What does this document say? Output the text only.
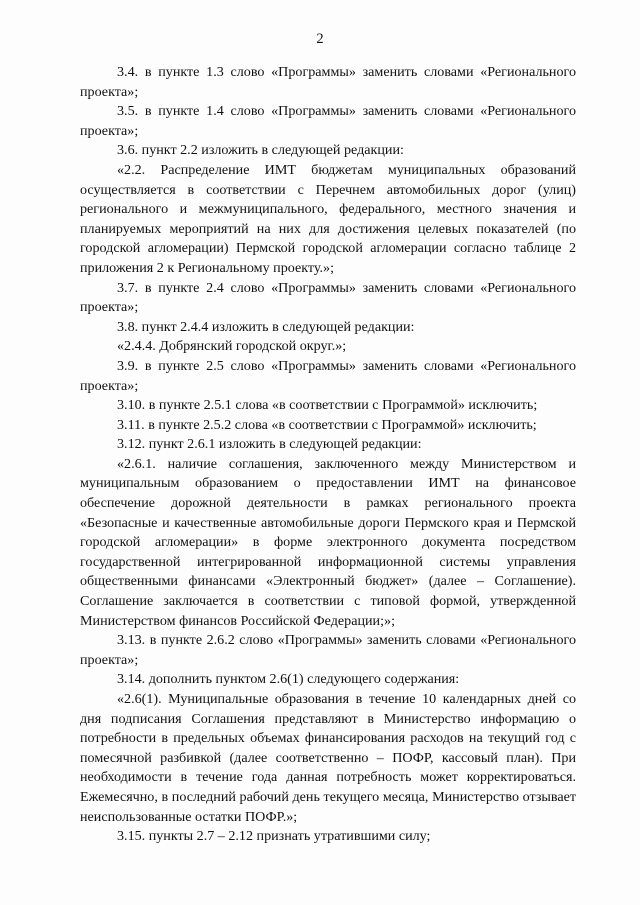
2

3.4. в пункте 1.3 слово «Программы» заменить словами «Регионального проекта»;

3.5. в пункте 1.4 слово «Программы» заменить словами «Регионального проекта»;

3.6. пункт 2.2 изложить в следующей редакции:

«2.2. Распределение ИМТ бюджетам муниципальных образований осуществляется в соответствии с Перечнем автомобильных дорог (улиц) регионального и межмуниципального, федерального, местного значения и планируемых мероприятий на них для достижения целевых показателей (по городской агломерации) Пермской городской агломерации согласно таблице 2 приложения 2 к Региональному проекту.»;

3.7. в пункте 2.4 слово «Программы» заменить словами «Регионального проекта»;

3.8. пункт 2.4.4 изложить в следующей редакции:

«2.4.4. Добрянский городской округ.»;

3.9. в пункте 2.5 слово «Программы» заменить словами «Регионального проекта»;

3.10. в пункте 2.5.1 слова «в соответствии с Программой» исключить;

3.11. в пункте 2.5.2 слова «в соответствии с Программой» исключить;

3.12. пункт 2.6.1 изложить в следующей редакции:

«2.6.1. наличие соглашения, заключенного между Министерством и муниципальным образованием о предоставлении ИМТ на финансовое обеспечение дорожной деятельности в рамках регионального проекта «Безопасные и качественные автомобильные дороги Пермского края и Пермской городской агломерации» в форме электронного документа посредством государственной интегрированной информационной системы управления общественными финансами «Электронный бюджет» (далее – Соглашение). Соглашение заключается в соответствии с типовой формой, утвержденной Министерством финансов Российской Федерации;»;

3.13. в пункте 2.6.2 слово «Программы» заменить словами «Регионального проекта»;

3.14. дополнить пунктом 2.6(1) следующего содержания:

«2.6(1). Муниципальные образования в течение 10 календарных дней со дня подписания Соглашения представляют в Министерство информацию о потребности в предельных объемах финансирования расходов на текущий год с помесячной разбивкой (далее соответственно – ПОФР, кассовый план). При необходимости в течение года данная потребность может корректироваться. Ежемесячно, в последний рабочий день текущего месяца, Министерство отзывает неиспользованные остатки ПОФР.»;

3.15. пункты 2.7 – 2.12 признать утратившими силу;
